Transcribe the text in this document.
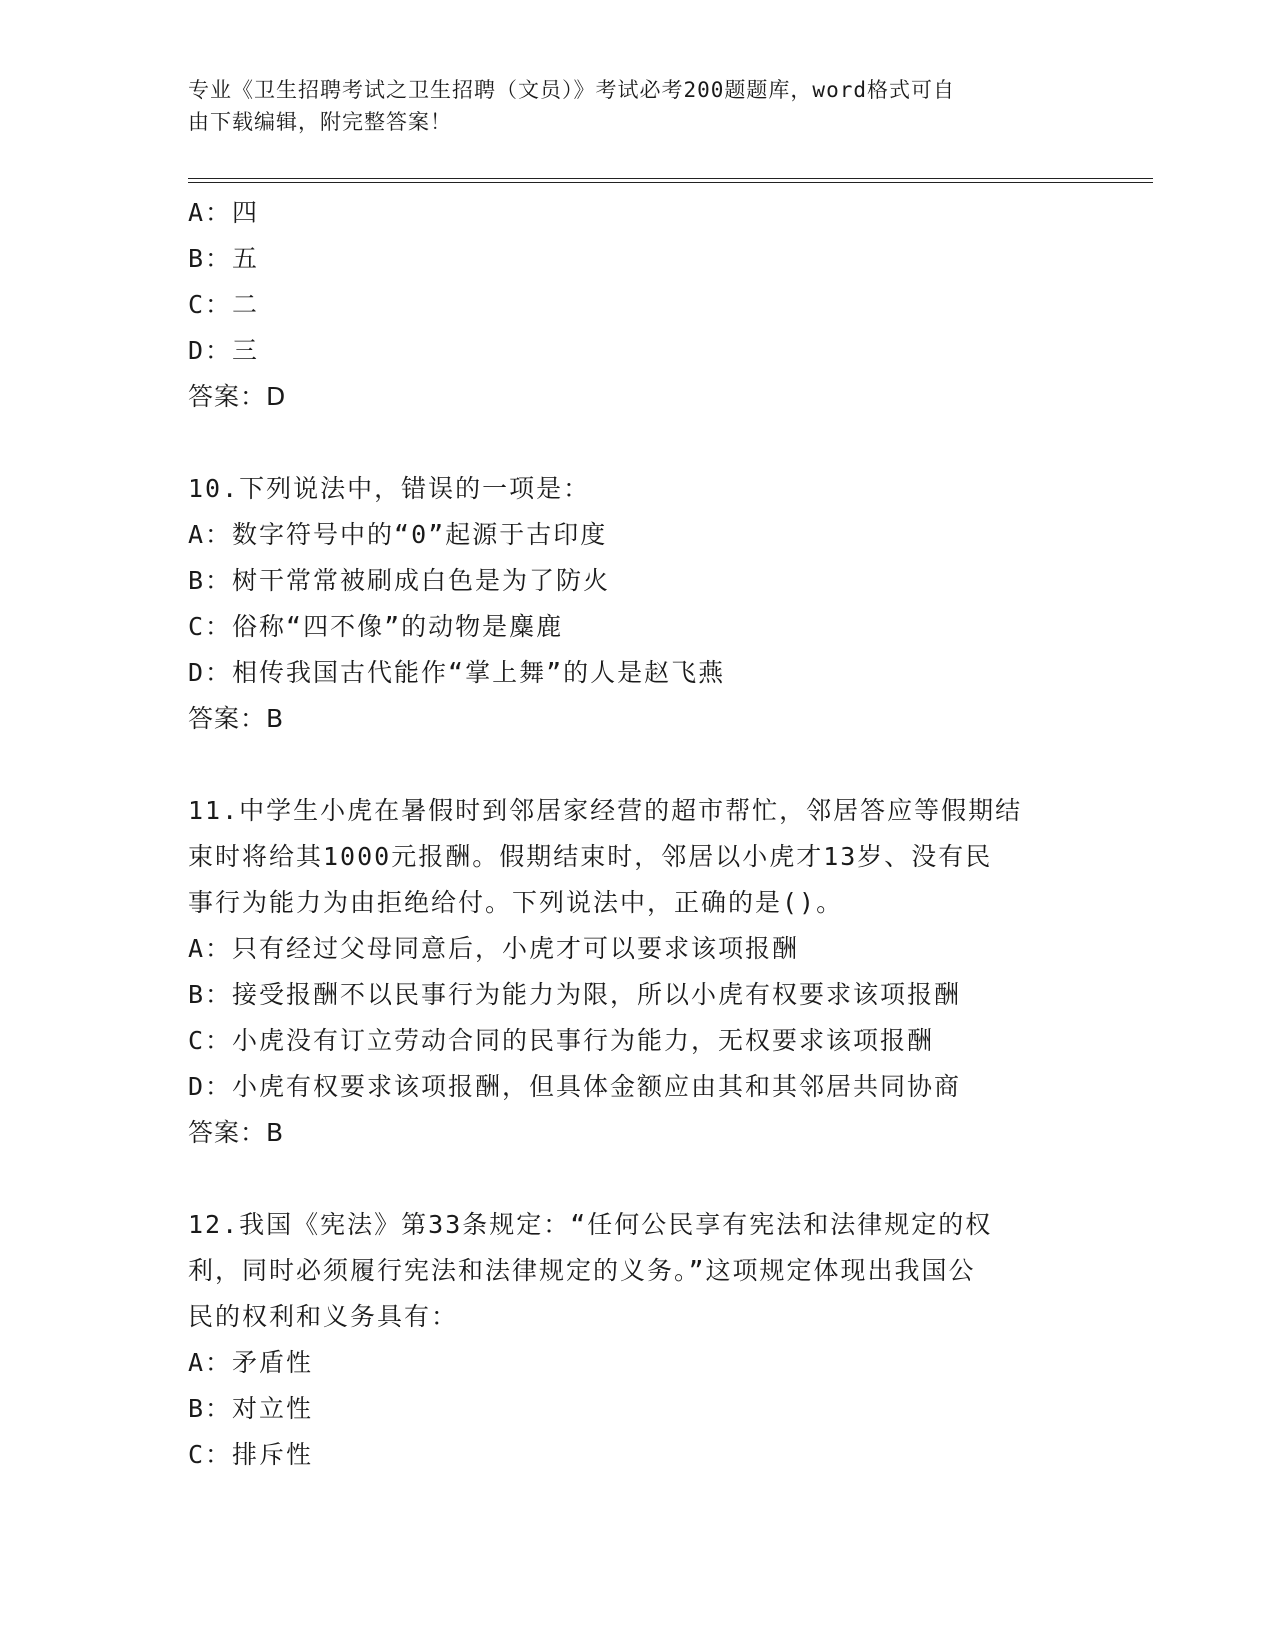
专业《卫生招聘考试之卫生招聘（文员）》考试必考200题题库，word格式可自
由下载编辑，附完整答案！
A：四
B：五
C：二
D：三
答案：D
10.下列说法中，错误的一项是：
A：数字符号中的“0”起源于古印度
B：树干常常被刷成白色是为了防火
C：俗称“四不像”的动物是麋鹿
D：相传我国古代能作“掌上舞”的人是赵飞燕
答案：B
11.中学生小虎在暑假时到邻居家经营的超市帮忙，邻居答应等假期结
束时将给其1000元报酬。假期结束时，邻居以小虎才13岁、没有民
事行为能力为由拒绝给付。下列说法中，正确的是()。
A：只有经过父母同意后，小虎才可以要求该项报酬
B：接受报酬不以民事行为能力为限，所以小虎有权要求该项报酬
C：小虎没有订立劳动合同的民事行为能力，无权要求该项报酬
D：小虎有权要求该项报酬，但具体金额应由其和其邻居共同协商
答案：B
12.我国《宪法》第33条规定：“任何公民享有宪法和法律规定的权
利，同时必须履行宪法和法律规定的义务。”这项规定体现出我国公
民的权利和义务具有：
A：矛盾性
B：对立性
C：排斥性
